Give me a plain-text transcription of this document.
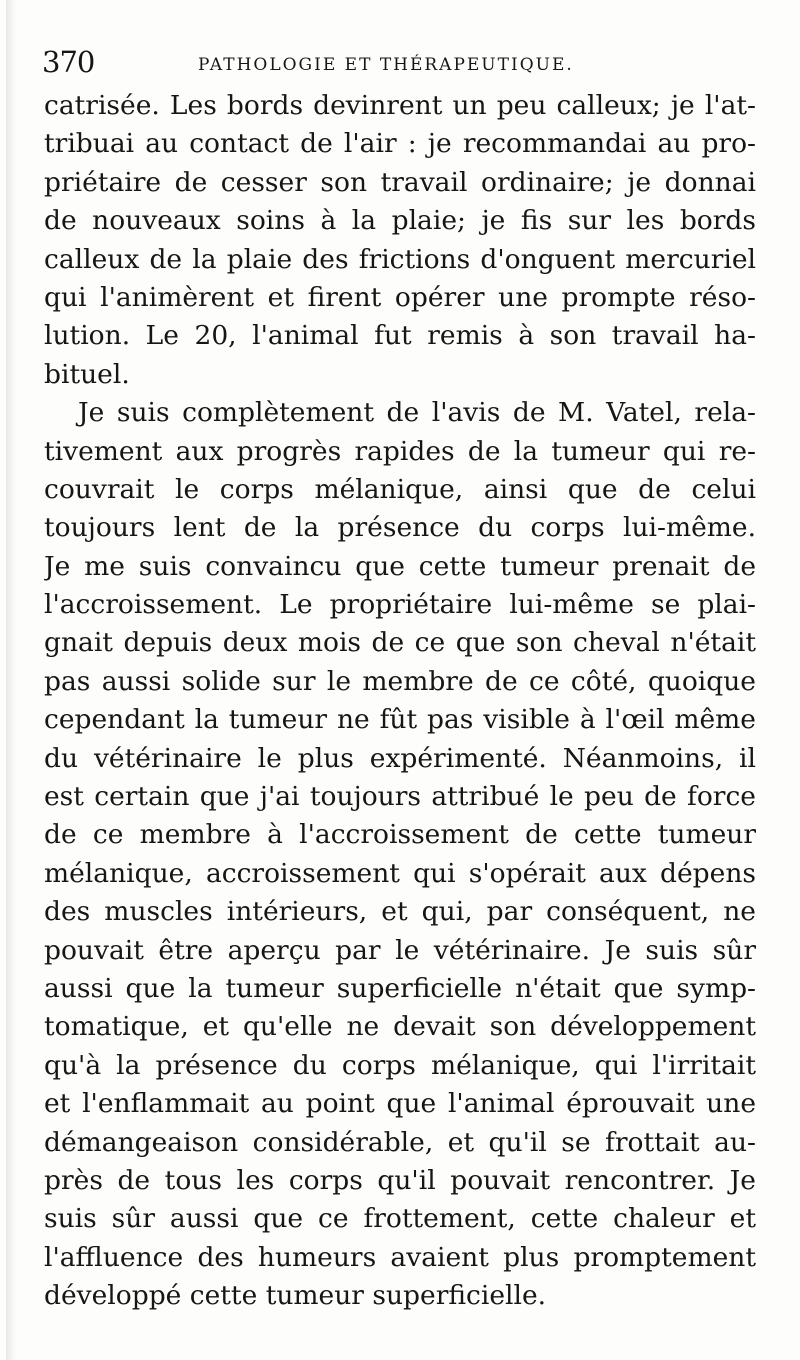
370	PATHOLOGIE ET THÉRAPEUTIQUE.
catrisée. Les bords devinrent un peu calleux; je l'at-
tribuai au contact de l'air : je recommandai au pro-
priétaire de cesser son travail ordinaire; je donnai
de nouveaux soins à la plaie; je fis sur les bords
calleux de la plaie des frictions d'onguent mercuriel
qui l'animèrent et firent opérer une prompte réso-
lution. Le 20, l'animal fut remis à son travail ha-
bituel.
Je suis complètement de l'avis de M. Vatel, rela-
tivement aux progrès rapides de la tumeur qui re-
couvrait le corps mélanique, ainsi que de celui
toujours lent de la présence du corps lui-même.
Je me suis convaincu que cette tumeur prenait de
l'accroissement. Le propriétaire lui-même se plai-
gnait depuis deux mois de ce que son cheval n'était
pas aussi solide sur le membre de ce côté, quoique
cependant la tumeur ne fût pas visible à l'œil même
du vétérinaire le plus expérimenté. Néanmoins, il
est certain que j'ai toujours attribué le peu de force
de ce membre à l'accroissement de cette tumeur
mélanique, accroissement qui s'opérait aux dépens
des muscles intérieurs, et qui, par conséquent, ne
pouvait être aperçu par le vétérinaire. Je suis sûr
aussi que la tumeur superficielle n'était que symp-
tomatique, et qu'elle ne devait son développement
qu'à la présence du corps mélanique, qui l'irritait
et l'enflammait au point que l'animal éprouvait une
démangeaison considérable, et qu'il se frottait au-
près de tous les corps qu'il pouvait rencontrer. Je
suis sûr aussi que ce frottement, cette chaleur et
l'affluence des humeurs avaient plus promptement
développé cette tumeur superficielle.
